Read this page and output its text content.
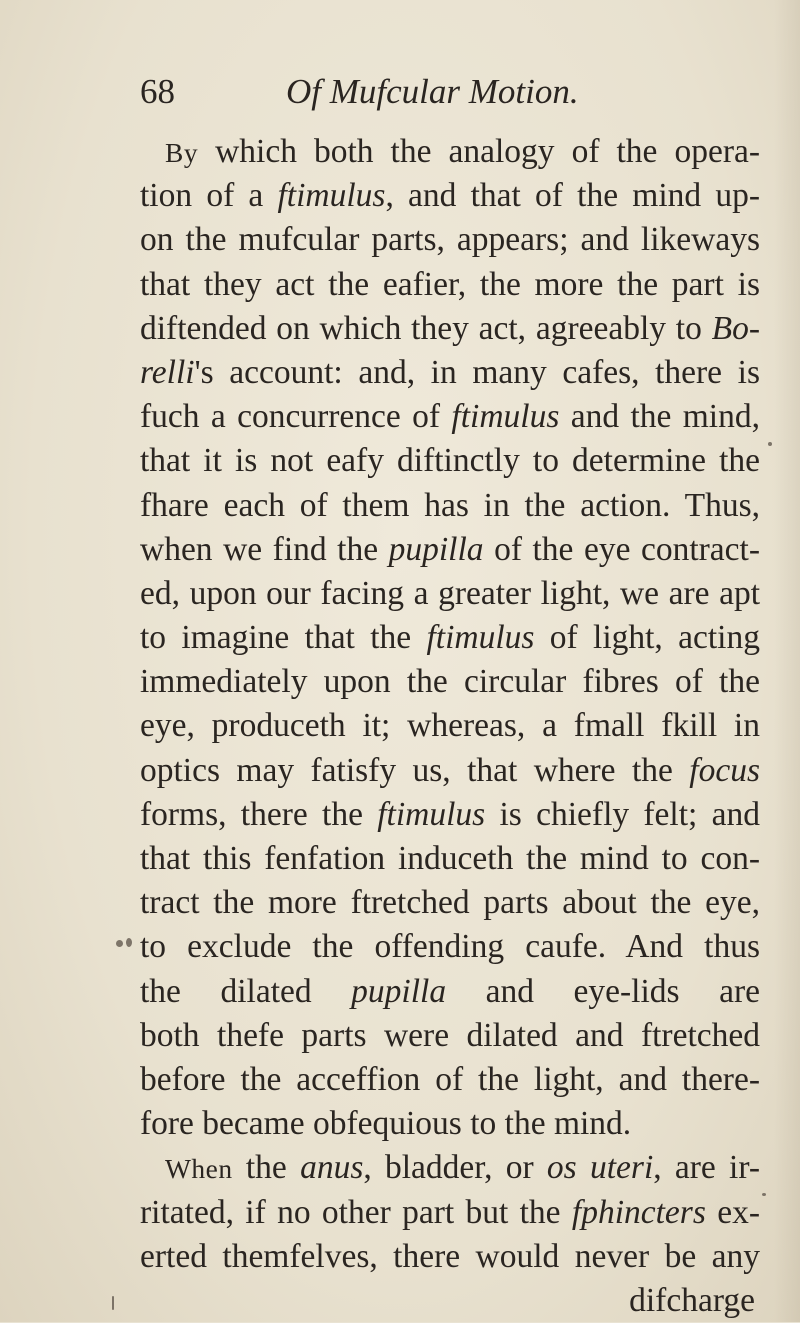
68	Of Mufcular Motion.
By which both the analogy of the opera-
tion of a ftimulus, and that of the mind up-
on the mufcular parts, appears; and likeways
that they act the eafier, the more the part is
diftended on which they act, agreeably to Bo-
relli's account: and, in many cafes, there is
fuch a concurrence of ftimulus and the mind,
that it is not eafy diftinctly to determine the
fhare each of them has in the action. Thus,
when we find the pupilla of the eye contract-
ed, upon our facing a greater light, we are apt
to imagine that the ftimulus of light, acting
immediately upon the circular fibres of the
eye, produceth it; whereas, a fmall fkill in
optics may fatisfy us, that where the focus
forms, there the ftimulus is chiefly felt; and
that this fenfation induceth the mind to con-
tract the more ftretched parts about the eye,
to exclude the offending caufe. And thus
the dilated pupilla and eye-lids are
both thefe parts were dilated and ftretched
before the acceffion of the light, and there-
fore became obfequious to the mind.
When the anus, bladder, or os uteri, are ir-
ritated, if no other part but the fphincters ex-
erted themfelves, there would never be any
difcharge
